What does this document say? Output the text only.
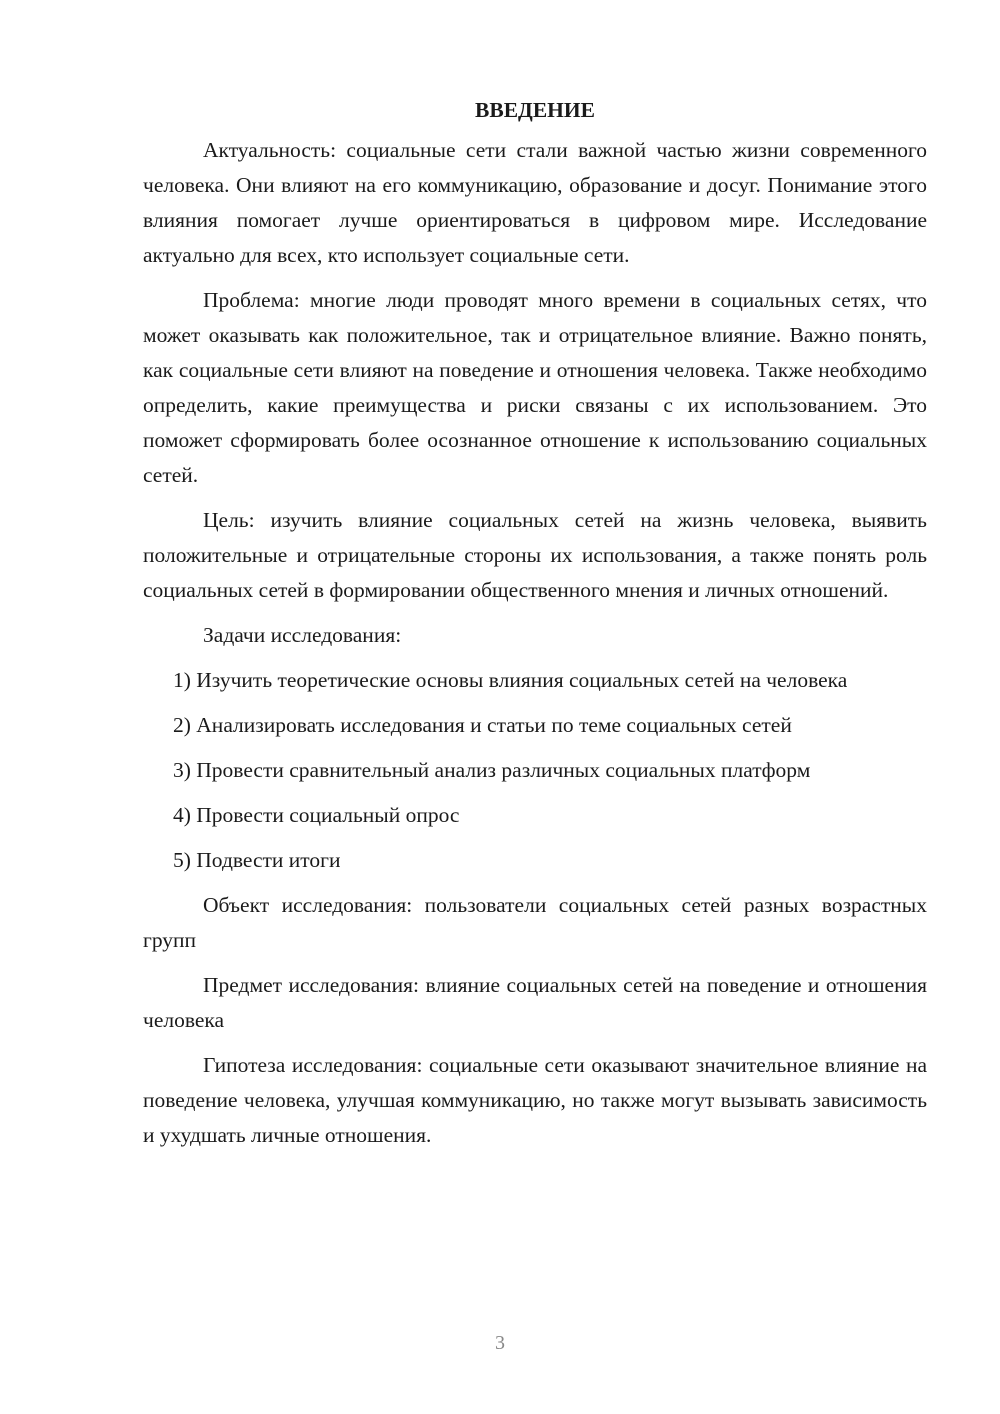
ВВЕДЕНИЕ

Актуальность: социальные сети стали важной частью жизни современного человека. Они влияют на его коммуникацию, образование и досуг. Понимание этого влияния помогает лучше ориентироваться в цифровом мире. Исследование актуально для всех, кто использует социальные сети.

Проблема: многие люди проводят много времени в социальных сетях, что может оказывать как положительное, так и отрицательное влияние. Важно понять, как социальные сети влияют на поведение и отношения человека. Также необходимо определить, какие преимущества и риски связаны с их использованием. Это поможет сформировать более осознанное отношение к использованию социальных сетей.

Цель: изучить влияние социальных сетей на жизнь человека, выявить положительные и отрицательные стороны их использования, а также понять роль социальных сетей в формировании общественного мнения и личных отношений.

Задачи исследования:

1) Изучить теоретические основы влияния социальных сетей на человека

2) Анализировать исследования и статьи по теме социальных сетей

3) Провести сравнительный анализ различных социальных платформ

4) Провести социальный опрос

5) Подвести итоги

Объект исследования: пользователи социальных сетей разных возрастных групп

Предмет исследования: влияние социальных сетей на поведение и отношения человека

Гипотеза исследования: социальные сети оказывают значительное влияние на поведение человека, улучшая коммуникацию, но также могут вызывать зависимость и ухудшать личные отношения.

3
